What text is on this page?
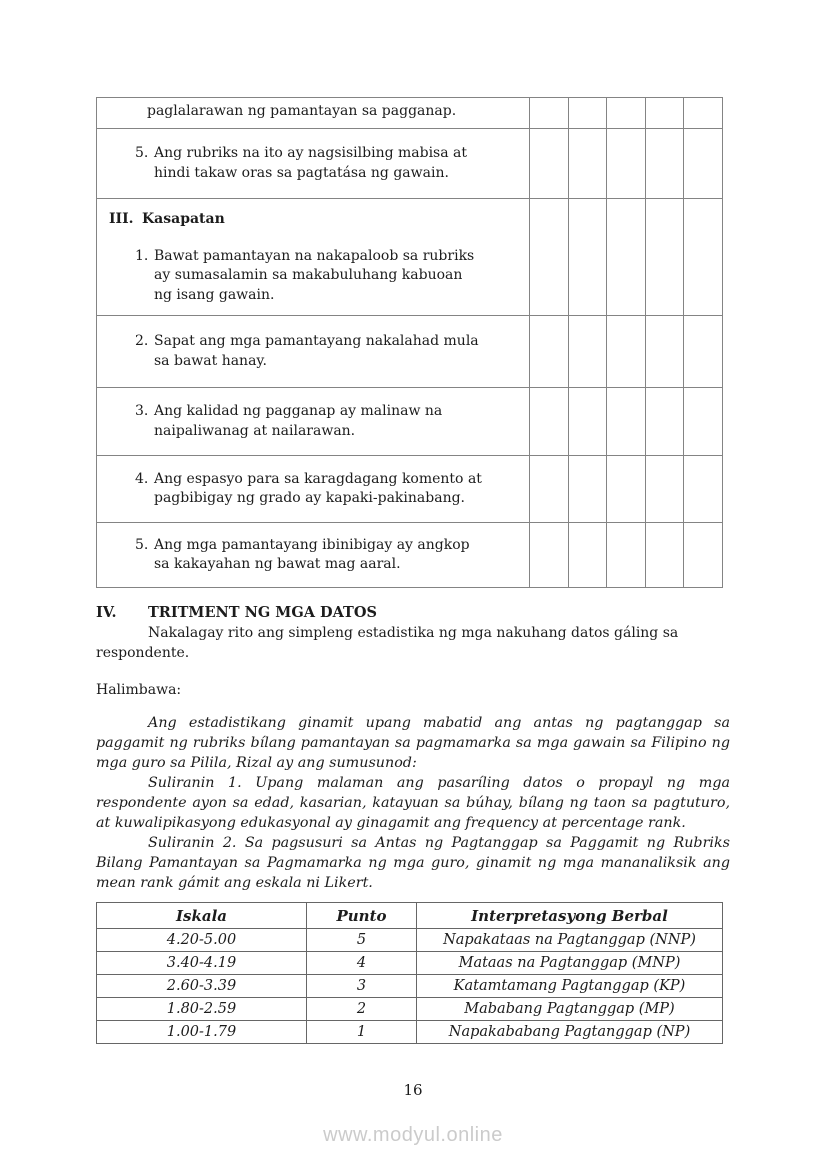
paglalarawan ng pamantayan sa pagganap.					

5. Ang rubriks na ito ay nagsisilbing mabisa at hindi takaw oras sa pagtatása ng gawain.					

III. Kasapatan
1. Bawat pamantayan na nakapaloob sa rubriks ay sumasalamin sa makabuluhang kabuoan ng isang gawain.					

2. Sapat ang mga pamantayang nakalahad mula sa bawat hanay.					

3. Ang kalidad ng pagganap ay malinaw na naipaliwanag at nailarawan.					

4. Ang espasyo para sa karagdagang komento at pagbibigay ng grado ay kapaki-pakinabang.					

5. Ang mga pamantayang ibinibigay ay angkop sa kakayahan ng bawat mag aaral.					

IV.	TRITMENT NG MGA DATOS

Nakalagay rito ang simpleng estadistika ng mga nakuhang datos gáling sa respondente.

Halimbawa:

Ang estadistikang ginamit upang mabatid ang antas ng pagtanggap sa paggamit ng rubriks bílang pamantayan sa pagmamarka sa mga gawain sa Filipino ng mga guro sa Pilila, Rizal ay ang sumusunod:

Suliranin 1. Upang malaman ang pasaríling datos o propayl ng mga respondente ayon sa edad, kasarian, katayuan sa búhay, bílang ng taon sa pagtuturo, at kuwalipikasyong edukasyonal ay ginagamit ang frequency at percentage rank.

Suliranin 2. Sa pagsusuri sa Antas ng Pagtanggap sa Paggamit ng Rubriks Bilang Pamantayan sa Pagmamarka ng mga guro, ginamit ng mga mananaliksik ang mean rank gámit ang eskala ni Likert.

Iskala	Punto	Interpretasyong Berbal
4.20-5.00	5	Napakataas na Pagtanggap (NNP)
3.40-4.19	4	Mataas na Pagtanggap (MNP)
2.60-3.39	3	Katamtamang Pagtanggap (KP)
1.80-2.59	2	Mababang Pagtanggap (MP)
1.00-1.79	1	Napakababang Pagtanggap (NP)
16
www.modyul.online
